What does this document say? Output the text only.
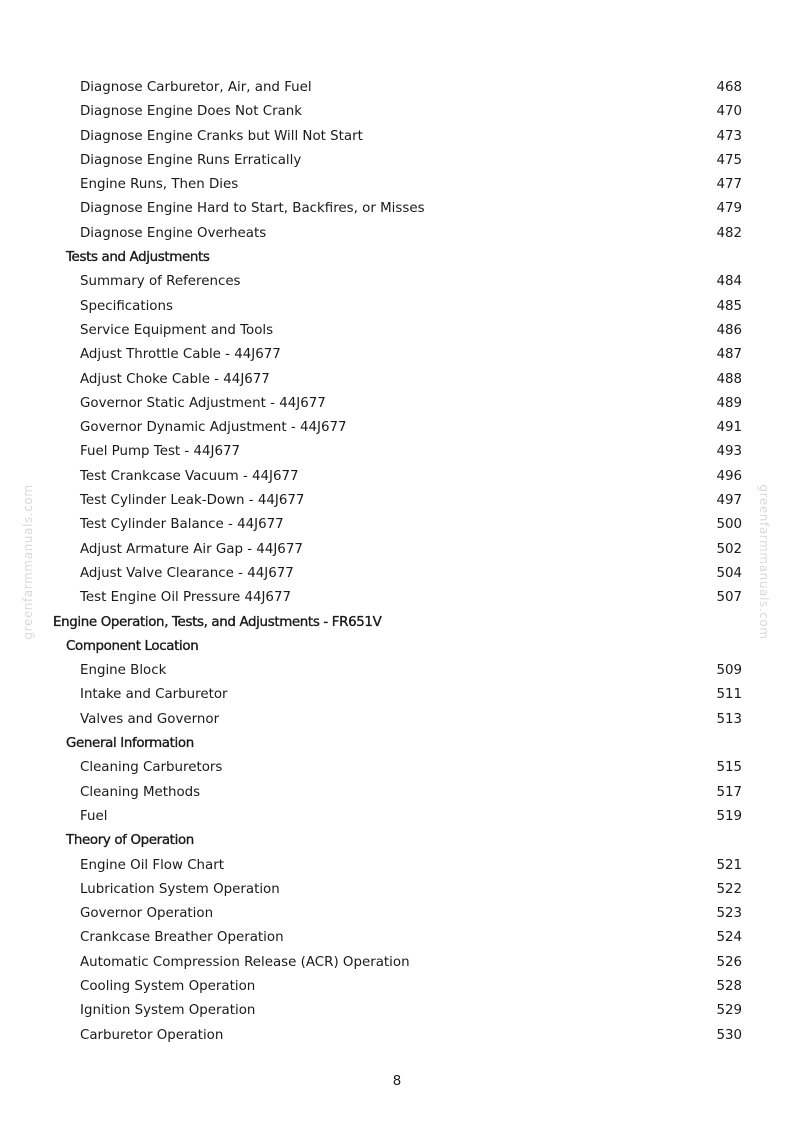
greenfarmmanuals.com	greenfarmmanuals.com
Diagnose Carburetor, Air, and Fuel	468
Diagnose Engine Does Not Crank	470
Diagnose Engine Cranks but Will Not Start	473
Diagnose Engine Runs Erratically	475
Engine Runs, Then Dies	477
Diagnose Engine Hard to Start, Backfires, or Misses	479
Diagnose Engine Overheats	482
Tests and Adjustments
Summary of References	484
Specifications	485
Service Equipment and Tools	486
Adjust Throttle Cable - 44J677	487
Adjust Choke Cable - 44J677	488
Governor Static Adjustment - 44J677	489
Governor Dynamic Adjustment - 44J677	491
Fuel Pump Test - 44J677	493
Test Crankcase Vacuum - 44J677	496
Test Cylinder Leak-Down - 44J677	497
Test Cylinder Balance - 44J677	500
Adjust Armature Air Gap - 44J677	502
Adjust Valve Clearance - 44J677	504
Test Engine Oil Pressure 44J677	507
Engine Operation, Tests, and Adjustments - FR651V
Component Location
Engine Block	509
Intake and Carburetor	511
Valves and Governor	513
General Information
Cleaning Carburetors	515
Cleaning Methods	517
Fuel	519
Theory of Operation
Engine Oil Flow Chart	521
Lubrication System Operation	522
Governor Operation	523
Crankcase Breather Operation	524
Automatic Compression Release (ACR) Operation	526
Cooling System Operation	528
Ignition System Operation	529
Carburetor Operation	530
8
